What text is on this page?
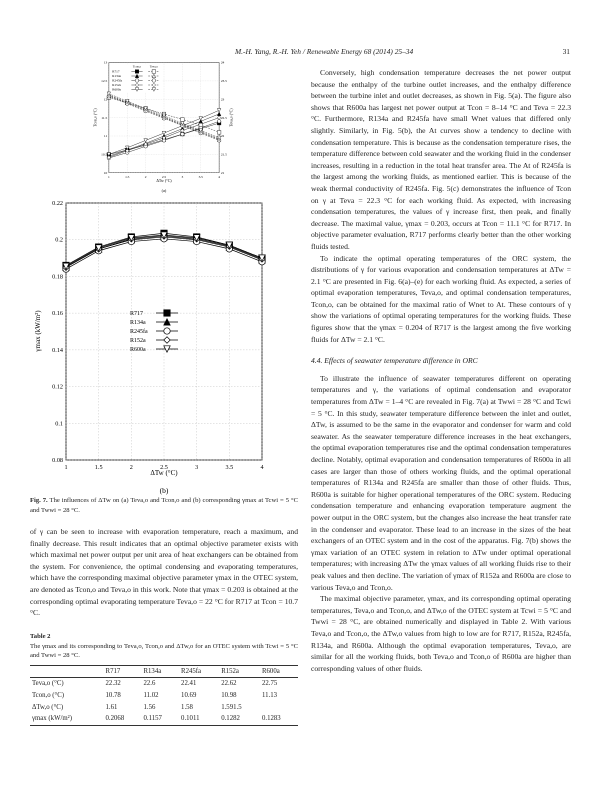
M.-H. Yang, R.-H. Yeh / Renewable Energy 68 (2014) 25–34	31
1 1.5 2 2.5 3 3.5 4
10
10.5
11
11.5
12
12.5
13
21
21.5
22
22.5
23
23.5
24
Tcon,o Teva,o
R717
R134a
R245fa
R152a
R600a
ΔTw (°C)
Tcon,o (°C)	Teva,o (°C)
(a)
1	1.5	2	2.5	3	3.5	4
0.08
0.1
0.12
0.14
0.16
0.18
0.2
0.22
R717
R134a
R245fa
R152a
R600a
ΔTw (°C)
γmax (kW/m²)
(b)
Fig. 7. The influences of ΔTw on (a) Teva,o and Tcon,o and (b) corresponding γmax at Tcwi = 5 °C and Twwi = 28 °C.

of γ can be seen to increase with evaporation temperature, reach a maximum, and finally decrease. This result indicates that an optimal objective parameter exists with which maximal net power output per unit area of heat exchangers can be obtained from the system. For convenience, the optimal condensing and evaporating temperatures, which have the corresponding maximal objective parameter γmax in the OTEC system, are denoted as Tcon,o and Teva,o in this work. Note that γmax = 0.203 is obtained at the corresponding optimal evaporating temperature Teva,o = 22 °C for R717 at Tcon = 10.7 °C.

Table 2
The γmax and its corresponding to Teva,o, Tcon,o and ΔTw,o for an OTEC system with Tcwi = 5 °C and Twwi = 28 °C.
	R717	R134a	R245fa	R152a	R600a
Teva,o (°C)	22.32	22.6	22.41	22.62	22.75
Tcon,o (°C)	10.78	11.02	10.69	10.98	11.13
ΔTw,o (°C)	1.61	1.56	1.58	1.591.5	
γmax (kW/m²)	0.2068	0.1157	0.1011	0.1282	0.1283

Conversely, high condensation temperature decreases the net power output because the enthalpy of the turbine outlet increases, and the enthalpy difference between the turbine inlet and outlet decreases, as shown in Fig. 5(a). The figure also shows that R600a has largest net power output at Tcon = 8–14 °C and Teva = 22.3 °C. Furthermore, R134a and R245fa have small Wnet values that differed only slightly. Similarly, in Fig. 5(b), the At curves show a tendency to decline with condensation temperature. This is because as the condensation temperature rises, the temperature difference between cold seawater and the working fluid in the condenser increases, resulting in a reduction in the total heat transfer area. The At of R245fa is the largest among the working fluids, as mentioned earlier. This is because of the weak thermal conductivity of R245fa. Fig. 5(c) demonstrates the influence of Tcon on γ at Teva = 22.3 °C for each working fluid. As expected, with increasing condensation temperatures, the values of γ increase first, then peak, and finally decrease. The maximal value, γmax = 0.203, occurs at Tcon = 11.1 °C for R717. In objective parameter evaluation, R717 performs clearly better than the other working fluids tested.

To indicate the optimal operating temperatures of the ORC system, the distributions of γ for various evaporation and condensation temperatures at ΔTw = 2.1 °C are presented in Fig. 6(a)–(e) for each working fluid. As expected, a series of optimal evaporation temperatures, Teva,o, and optimal condensation temperatures, Tcon,o, can be obtained for the maximal ratio of Wnet to At. These contours of γ show the variations of optimal operating temperatures for the working fluids. These figures show that the γmax = 0.204 of R717 is the largest among the five working fluids for ΔTw = 2.1 °C.

4.4. Effects of seawater temperature difference in ORC

To illustrate the influence of seawater temperatures different on operating temperatures and γ, the variations of optimal condensation and evaporator temperatures from ΔTw = 1–4 °C are revealed in Fig. 7(a) at Twwi = 28 °C and Tcwi = 5 °C. In this study, seawater temperature difference between the inlet and outlet, ΔTw, is assumed to be the same in the evaporator and condenser for warm and cold seawater. As the seawater temperature difference increases in the heat exchangers, the optimal evaporation temperatures rise and the optimal condensation temperatures decline. Notably, optimal evaporation and condensation temperatures of R600a in all cases are larger than those of others working fluids, and the optimal operational temperatures of R134a and R245fa are smaller than those of other fluids. Thus, R600a is suitable for higher operational temperatures of the ORC system. Reducing condensation temperature and enhancing evaporation temperature augment the power output in the ORC system, but the changes also increase the heat transfer rate in the condenser and evaporator. These lead to an increase in the sizes of the heat exchangers of an OTEC system and in the cost of the apparatus. Fig. 7(b) shows the γmax variation of an OTEC system in relation to ΔTw under optimal operational temperatures; with increasing ΔTw the γmax values of all working fluids rise to their peak values and then decline. The variation of γmax of R152a and R600a are close to various Teva,o and Tcon,o.

The maximal objective parameter, γmax, and its corresponding optimal operating temperatures, Teva,o and Tcon,o, and ΔTw,o of the OTEC system at Tcwi = 5 °C and Twwi = 28 °C, are obtained numerically and displayed in Table 2. With various Teva,o and Tcon,o, the ΔTw,o values from high to low are for R717, R152a, R245fa, R134a, and R600a. Although the optimal evaporation temperatures, Teva,o, are similar for all the working fluids, both Teva,o and Tcon,o of R600a are higher than corresponding values of other fluids.
